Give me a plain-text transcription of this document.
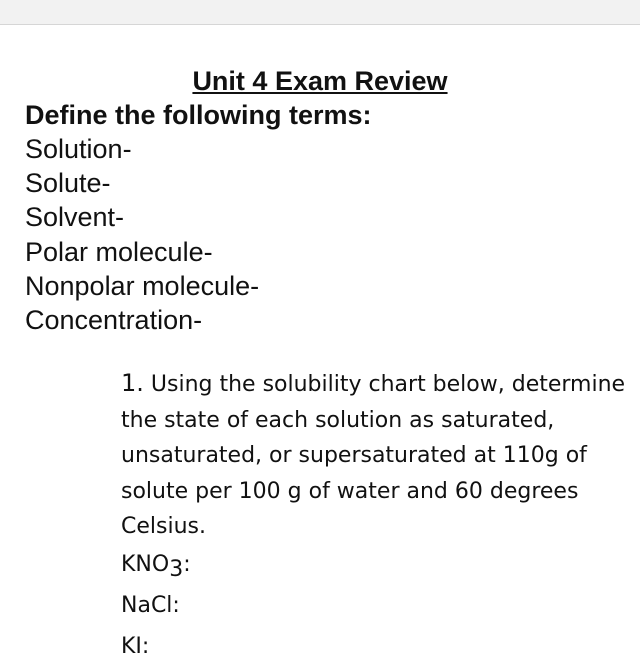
Unit 4 Exam Review
Define the following terms:
Solution-
Solute-
Solvent-
Polar molecule-
Nonpolar molecule-
Concentration-

1. Using the solubility chart below, determine the state of each solution as saturated, unsaturated, or supersaturated at 110g of solute per 100 g of water and 60 degrees Celsius.

KNO3:
NaCl:
KI:
